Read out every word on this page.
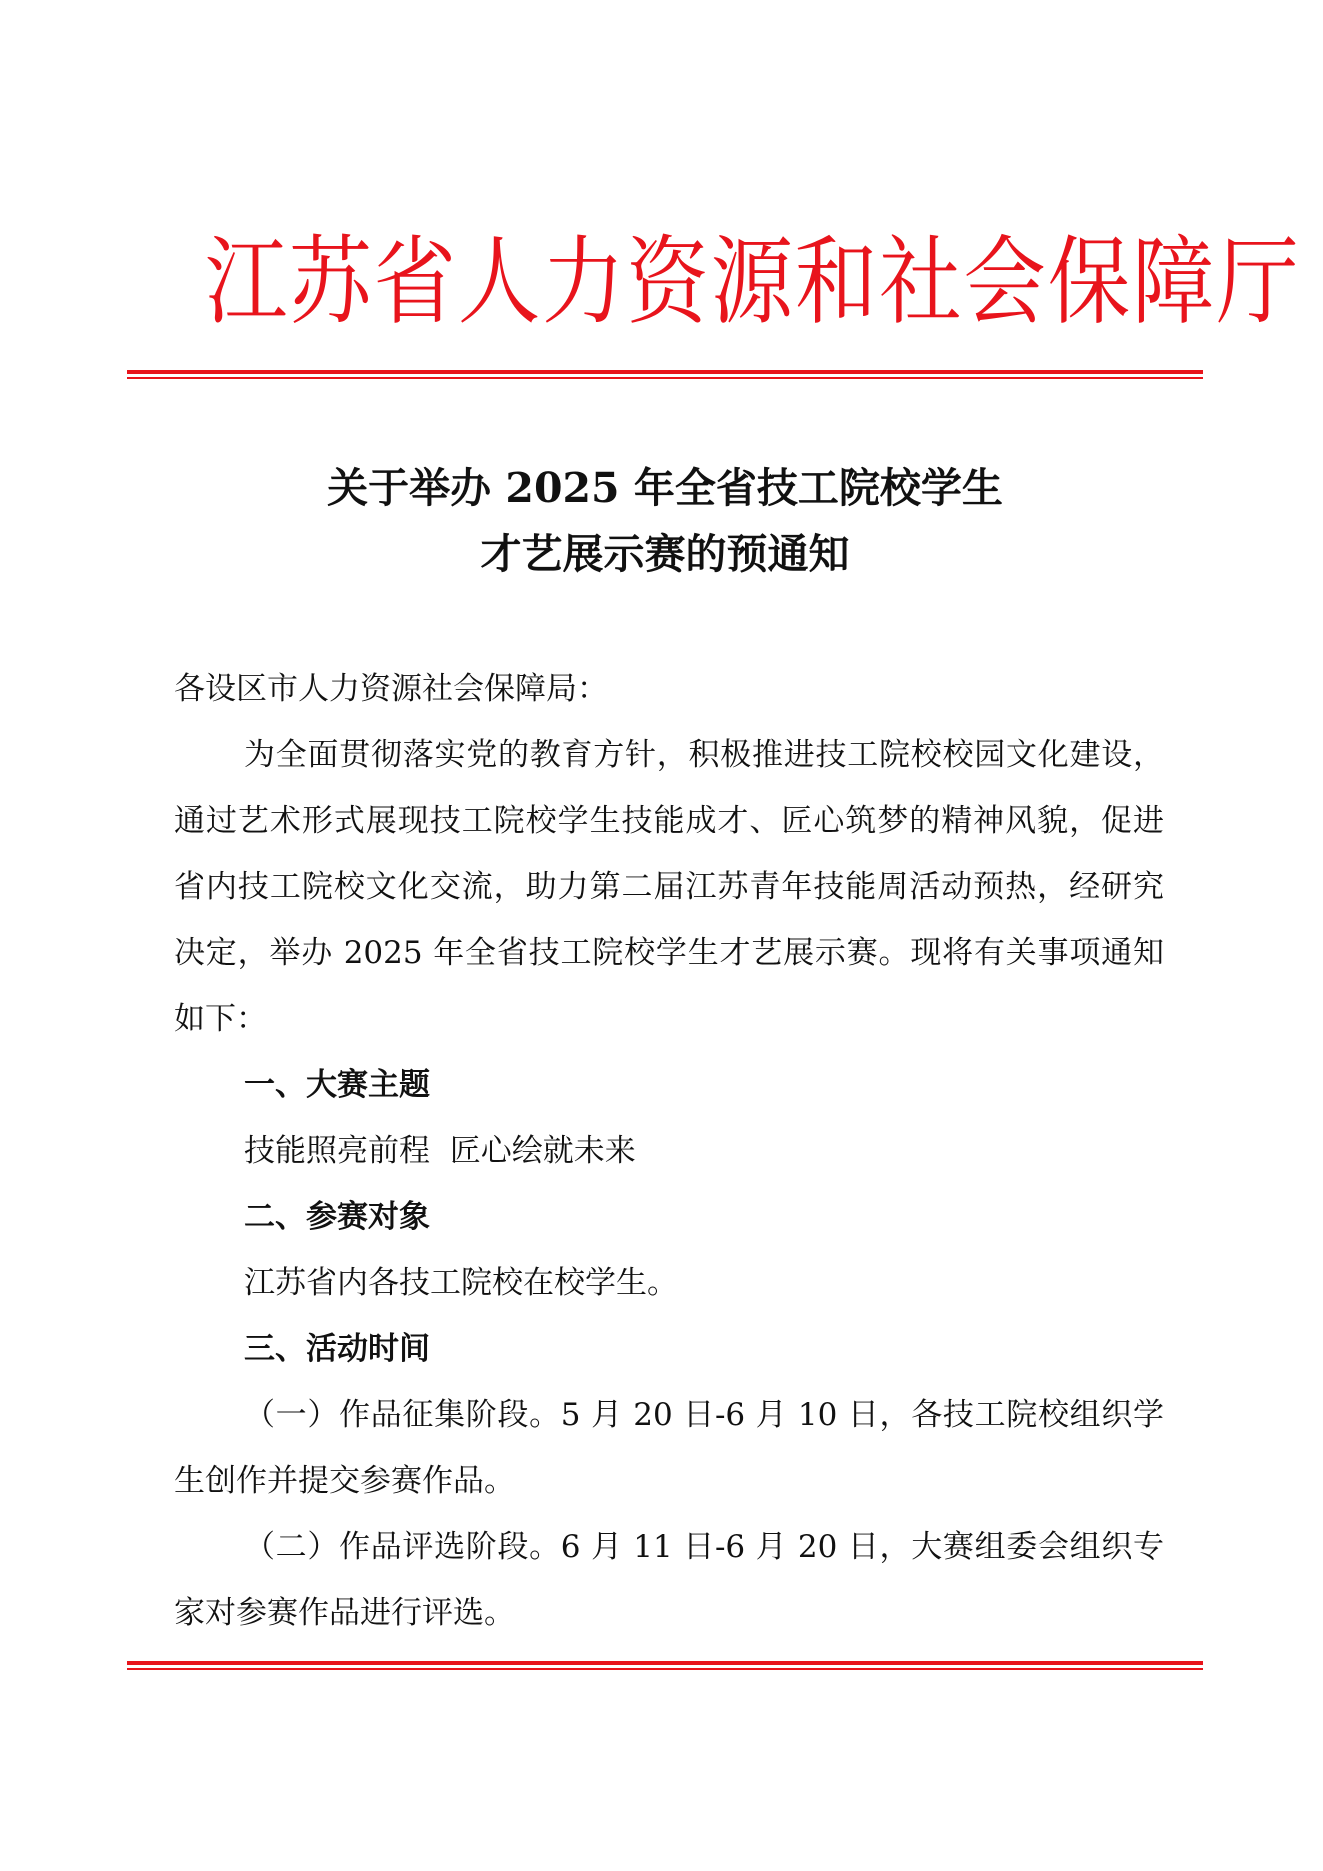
江苏省人力资源和社会保障厅
关于举办 2025 年全省技工院校学生
才艺展示赛的预通知

各设区市人力资源社会保障局：

为全面贯彻落实党的教育方针，积极推进技工院校校园文化建设，通过艺术形式展现技工院校学生技能成才、匠心筑梦的精神风貌，促进省内技工院校文化交流，助力第二届江苏青年技能周活动预热，经研究决定，举办 2025 年全省技工院校学生才艺展示赛。现将有关事项通知如下：

一、大赛主题

技能照亮前程  匠心绘就未来

二、参赛对象

江苏省内各技工院校在校学生。

三、活动时间

（一）作品征集阶段。5 月 20 日-6 月 10 日，各技工院校组织学生创作并提交参赛作品。

（二）作品评选阶段。6 月 11 日-6 月 20 日，大赛组委会组织专家对参赛作品进行评选。
